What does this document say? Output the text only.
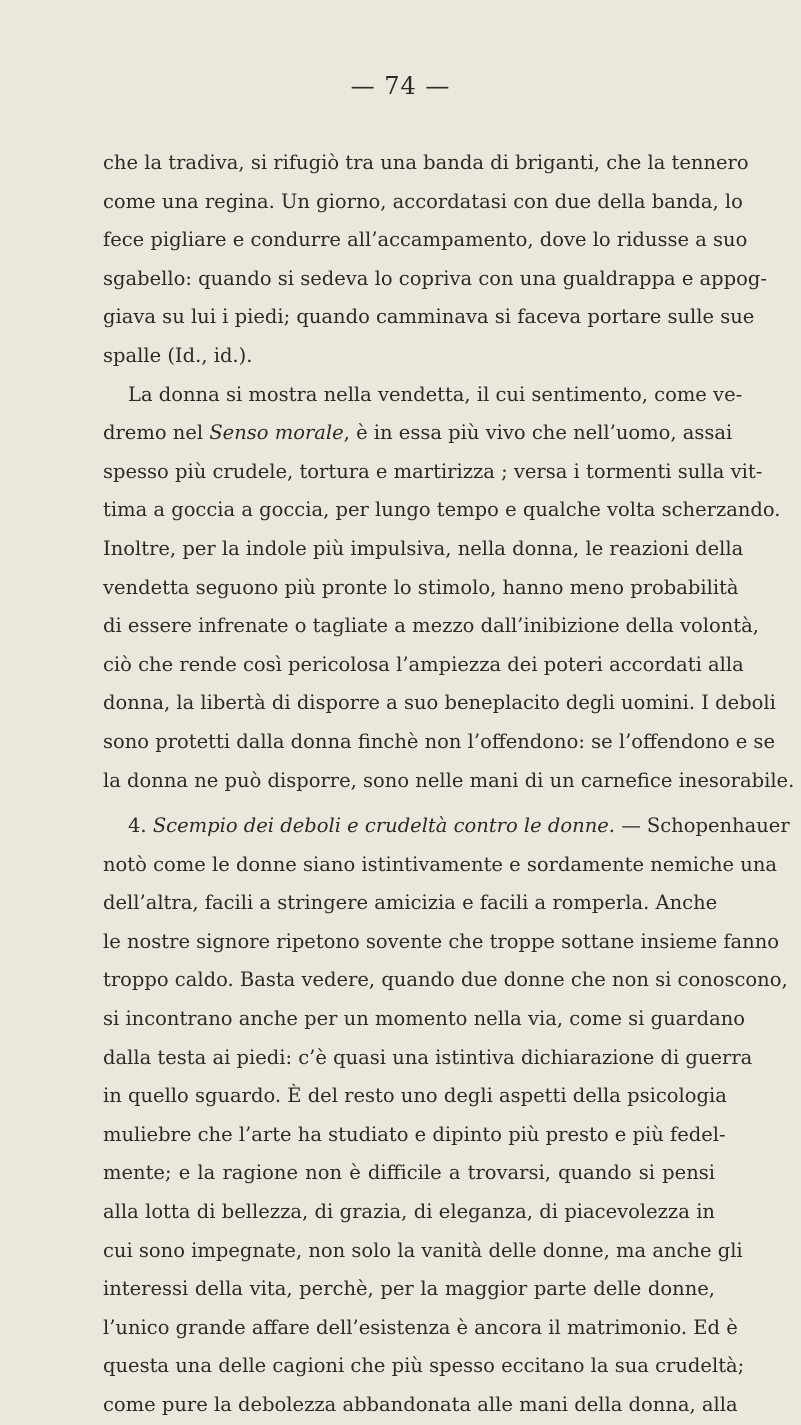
— 74 —
che la tradiva, si rifugiò tra una banda di briganti, che la tennero
come una regina. Un giorno, accordatasi con due della banda, lo
fece pigliare e condurre all’accampamento, dove lo ridusse a suo
sgabello: quando si sedeva lo copriva con una gualdrappa e appog-
giava su lui i piedi; quando camminava si faceva portare sulle sue
spalle (Id., id.).
La donna si mostra nella vendetta, il cui sentimento, come ve-
dremo nel Senso morale, è in essa più vivo che nell’uomo, assai
spesso più crudele, tortura e martirizza ; versa i tormenti sulla vit-
tima a goccia a goccia, per lungo tempo e qualche volta scherzando.
Inoltre, per la indole più impulsiva, nella donna, le reazioni della
vendetta seguono più pronte lo stimolo, hanno meno probabilità
di essere infrenate o tagliate a mezzo dall’inibizione della volontà,
ciò che rende così pericolosa l’ampiezza dei poteri accordati alla
donna, la libertà di disporre a suo beneplacito degli uomini. I deboli
sono protetti dalla donna finchè non l’offendono: se l’offendono e se
la donna ne può disporre, sono nelle mani di un carnefice inesorabile.
4. Scempio dei deboli e crudeltà contro le donne. — Schopenhauer
notò come le donne siano istintivamente e sordamente nemiche una
dell’altra, facili a stringere amicizia e facili a romperla. Anche
le nostre signore ripetono sovente che troppe sottane insieme fanno
troppo caldo. Basta vedere, quando due donne che non si conoscono,
si incontrano anche per un momento nella via, come si guardano
dalla testa ai piedi: c’è quasi una istintiva dichiarazione di guerra
in quello sguardo. È del resto uno degli aspetti della psicologia
muliebre che l’arte ha studiato e dipinto più presto e più fedel-
mente; e la ragione non è difficile a trovarsi, quando si pensi
alla lotta di bellezza, di grazia, di eleganza, di piacevolezza in
cui sono impegnate, non solo la vanità delle donne, ma anche gli
interessi della vita, perchè, per la maggior parte delle donne,
l’unico grande affare dell’esistenza è ancora il matrimonio. Ed è
questa una delle cagioni che più spesso eccitano la sua crudeltà;
come pure la debolezza abbandonata alle mani della donna, alla
